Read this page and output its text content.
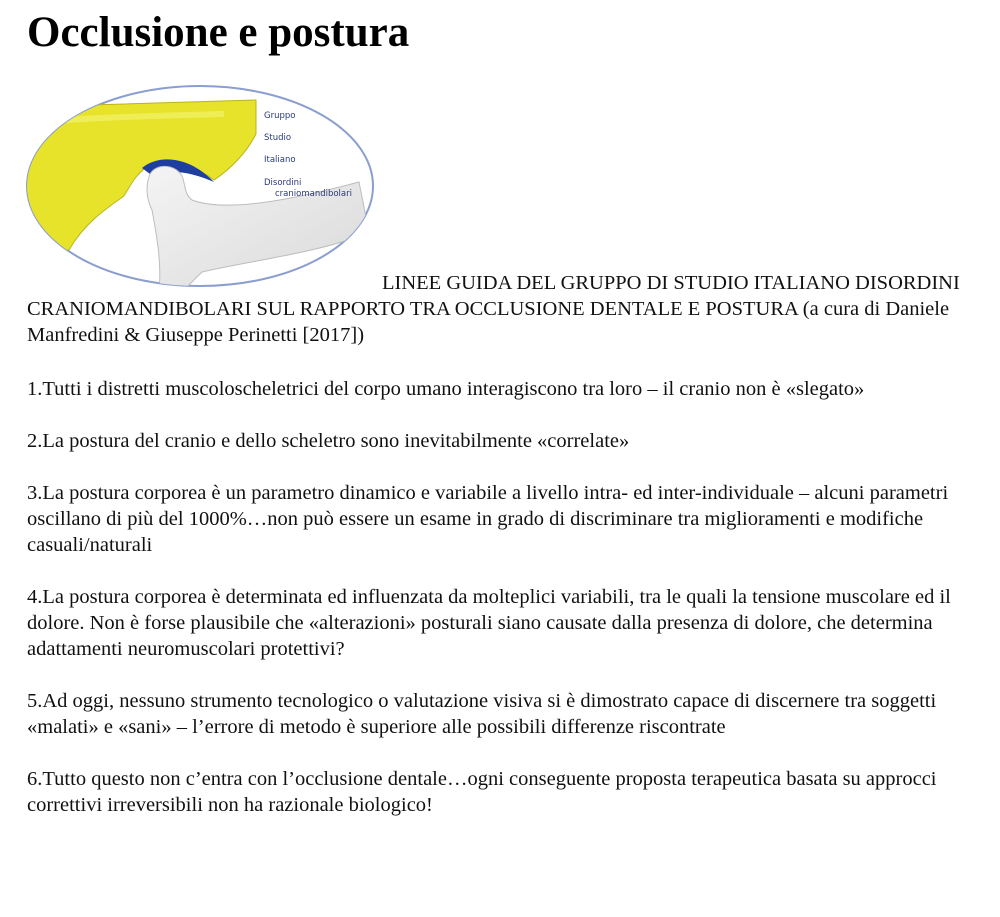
Occlusione e postura
Gruppo
Studio
Italiano
Disordini
craniomandibolari

LINEE GUIDA DEL GRUPPO DI STUDIO ITALIANO DISORDINI CRANIOMANDIBOLARI SUL RAPPORTO TRA OCCLUSIONE DENTALE E POSTURA (a cura di Daniele Manfredini & Giuseppe Perinetti [2017])

1.Tutti i distretti muscoloscheletrici del corpo umano interagiscono tra loro – il cranio non è «slegato»
2.La postura del cranio e dello scheletro sono inevitabilmente «correlate»
3.La postura corporea è un parametro dinamico e variabile a livello intra- ed inter-individuale – alcuni parametri oscillano di più del 1000%…non può essere un esame in grado di discriminare tra miglioramenti e modifiche casuali/naturali
4.La postura corporea è determinata ed influenzata da molteplici variabili, tra le quali la tensione muscolare ed il dolore. Non è forse plausibile che «alterazioni» posturali siano causate dalla presenza di dolore, che determina adattamenti neuromuscolari protettivi?
5.Ad oggi, nessuno strumento tecnologico o valutazione visiva si è dimostrato capace di discernere tra soggetti «malati» e «sani» – l’errore di metodo è superiore alle possibili differenze riscontrate
6.Tutto questo non c’entra con l’occlusione dentale…ogni conseguente proposta terapeutica basata su approcci correttivi irreversibili non ha razionale biologico!
